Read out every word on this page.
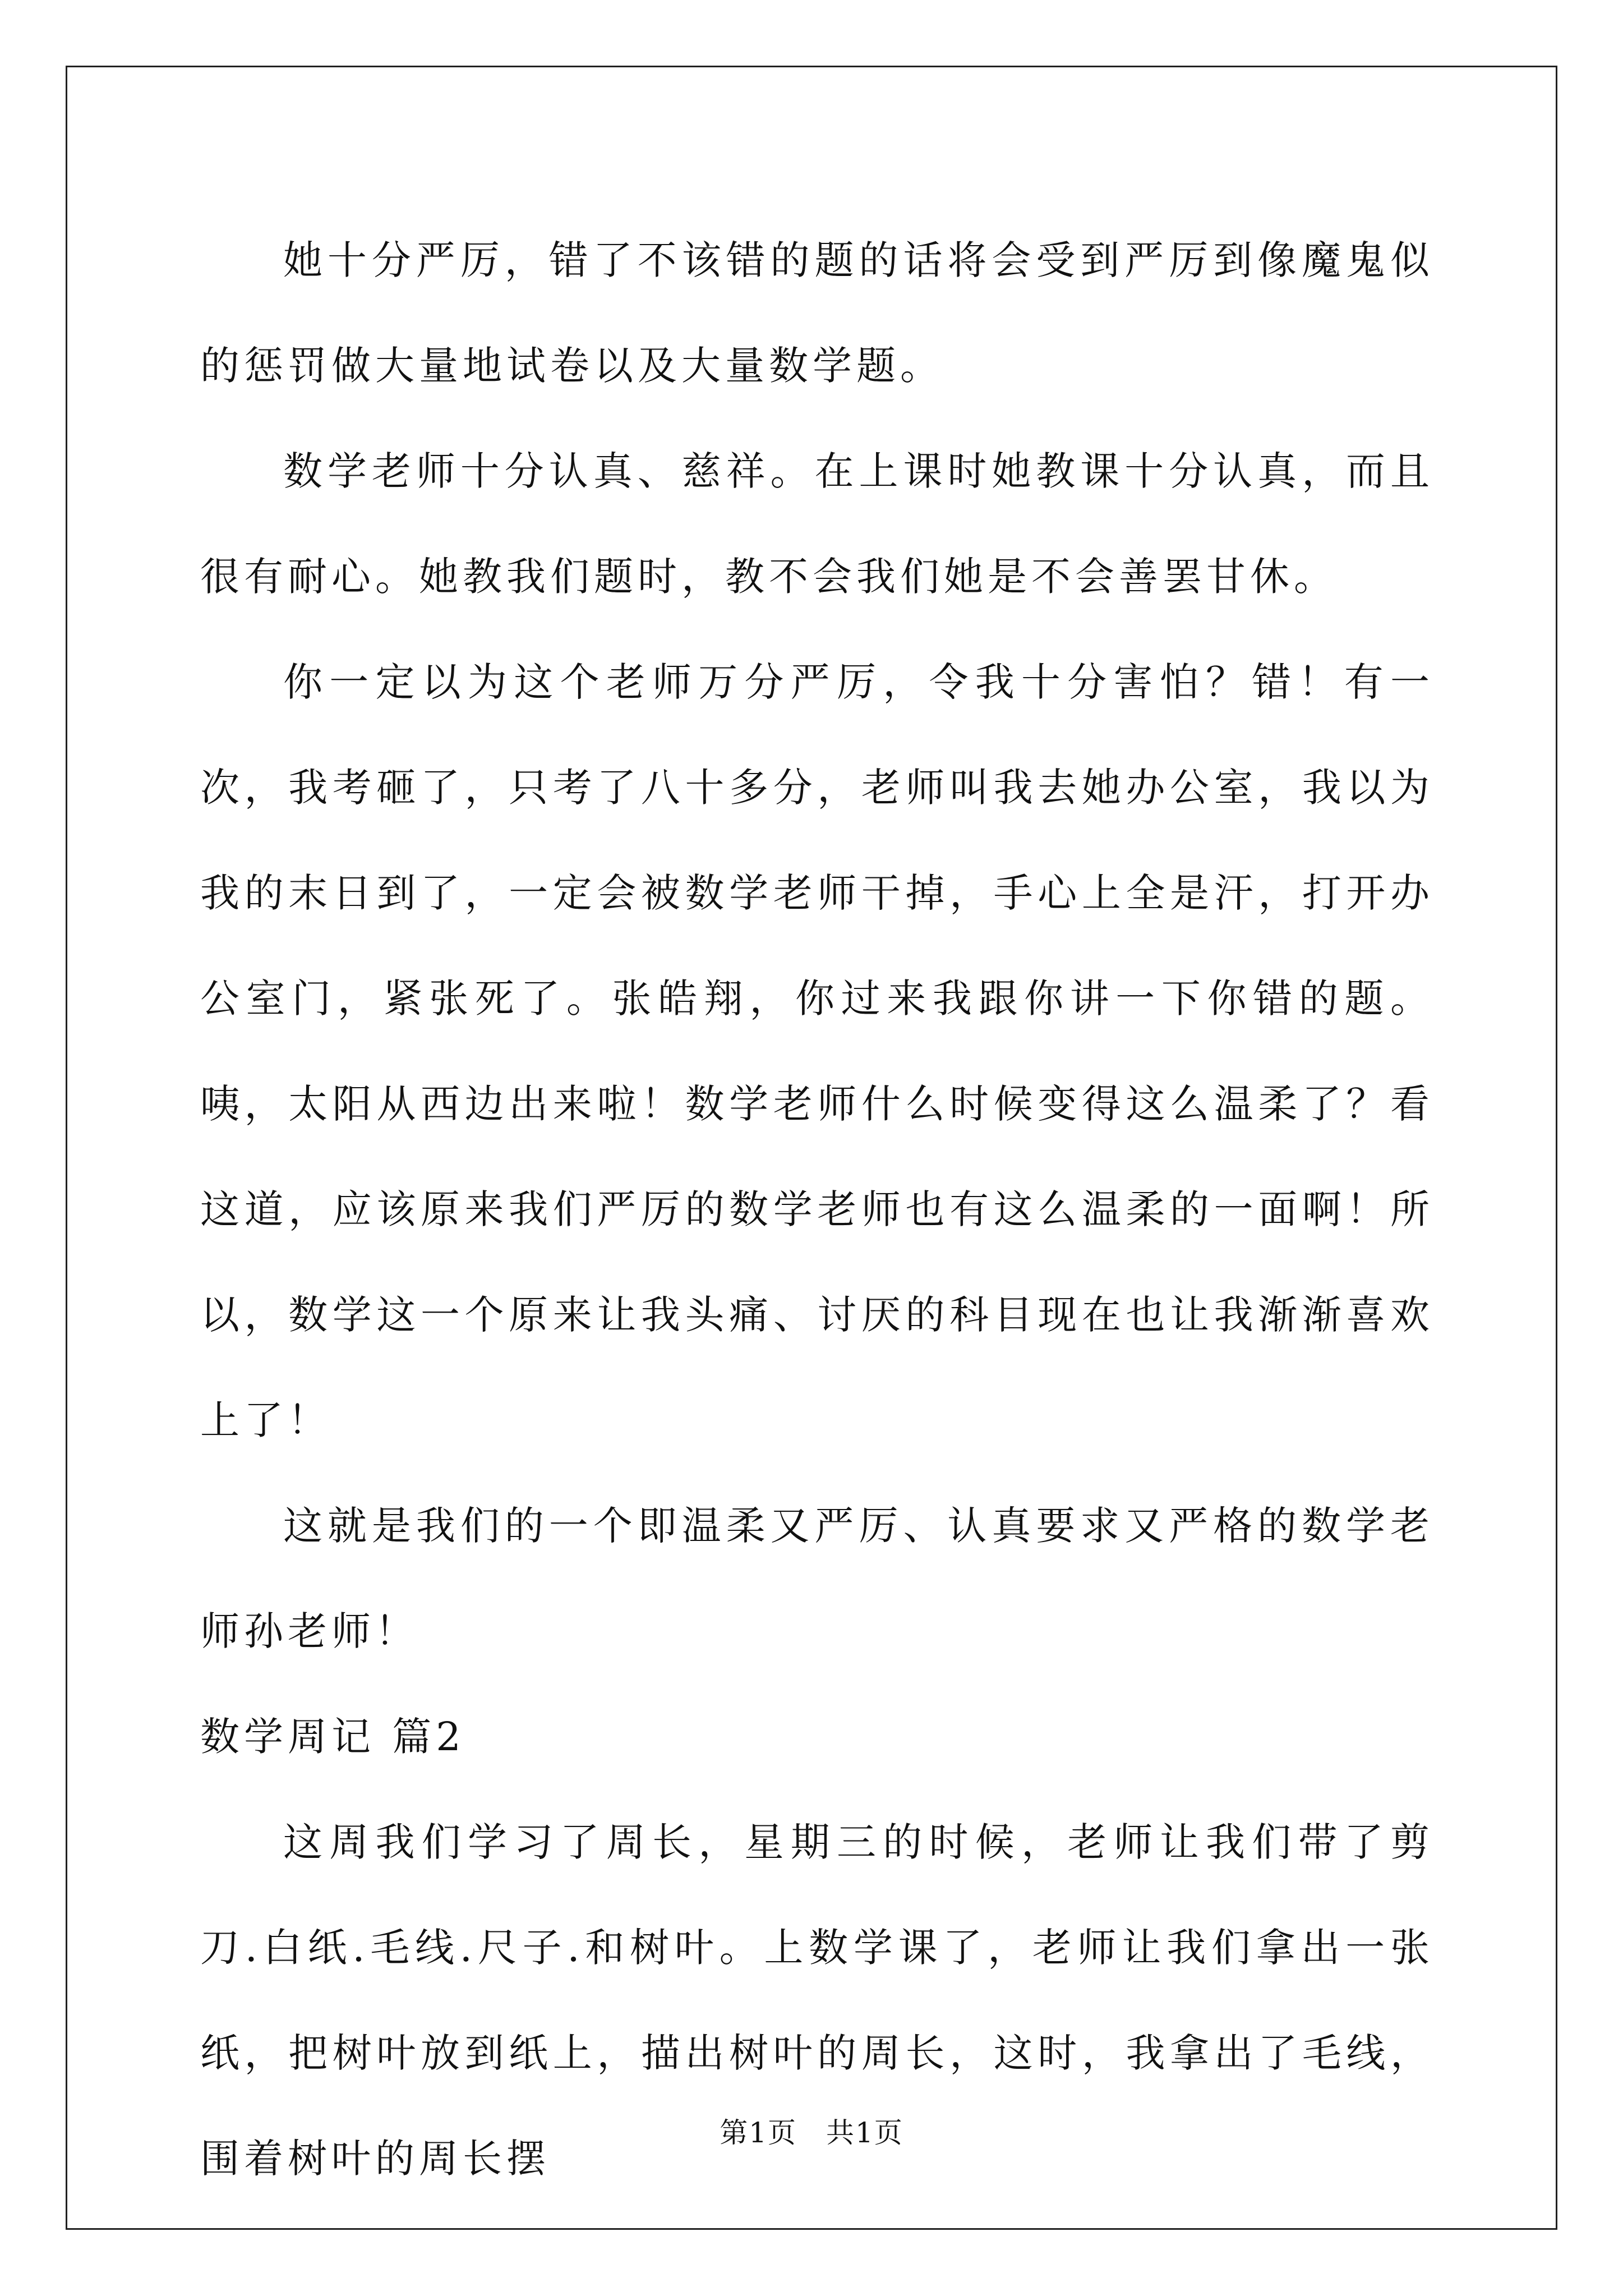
她十分严厉，错了不该错的题的话将会受到严厉到像魔鬼似的惩罚做大量地试卷以及大量数学题。

数学老师十分认真、慈祥。在上课时她教课十分认真，而且很有耐心。她教我们题时，教不会我们她是不会善罢甘休。

你一定以为这个老师万分严厉，令我十分害怕？错！有一次，我考砸了，只考了八十多分，老师叫我去她办公室，我以为我的末日到了，一定会被数学老师干掉，手心上全是汗，打开办公室门，紧张死了。张皓翔，你过来我跟你讲一下你错的题。咦，太阳从西边出来啦！数学老师什么时候变得这么温柔了？看这道，应该原来我们严厉的数学老师也有这么温柔的一面啊！所以，数学这一个原来让我头痛、讨厌的科目现在也让我渐渐喜欢上了！

这就是我们的一个即温柔又严厉、认真要求又严格的数学老师孙老师！

数学周记 篇2

这周我们学习了周长，星期三的时候，老师让我们带了剪刀.白纸.毛线.尺子.和树叶。上数学课了，老师让我们拿出一张纸，把树叶放到纸上，描出树叶的周长，这时，我拿出了毛线，围着树叶的周长摆

第1页　共1页
